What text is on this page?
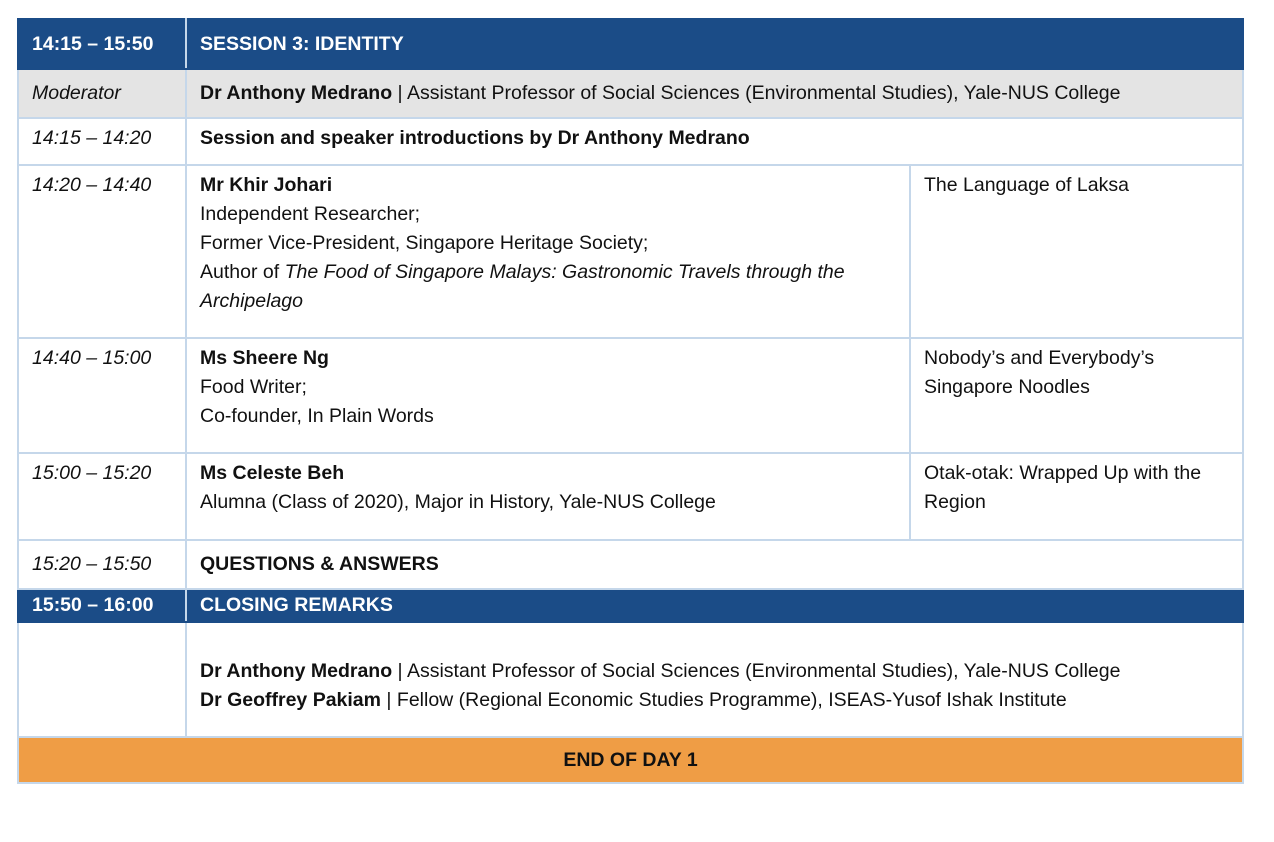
14:15 – 15:50	SESSION 3: IDENTITY	
Moderator	Dr Anthony Medrano | Assistant Professor of Social Sciences (Environmental Studies), Yale-NUS College	
14:15 – 14:20	Session and speaker introductions by Dr Anthony Medrano	
14:20 – 14:40	Mr Khir Johari
Independent Researcher;
Former Vice-President, Singapore Heritage Society;
Author of The Food of Singapore Malays: Gastronomic Travels through the Archipelago	The Language of Laksa
14:40 – 15:00	Ms Sheere Ng
Food Writer;
Co-founder, In Plain Words	Nobody’s and Everybody’s Singapore Noodles
15:00 – 15:20	Ms Celeste Beh
Alumna (Class of 2020), Major in History, Yale-NUS College	Otak-otak: Wrapped Up with the Region
15:20 – 15:50	QUESTIONS & ANSWERS	
15:50 – 16:00	CLOSING REMARKS	

	Dr Anthony Medrano | Assistant Professor of Social Sciences (Environmental Studies), Yale-NUS College
Dr Geoffrey Pakiam | Fellow (Regional Economic Studies Programme), ISEAS-Yusof Ishak Institute	

END OF DAY 1		
